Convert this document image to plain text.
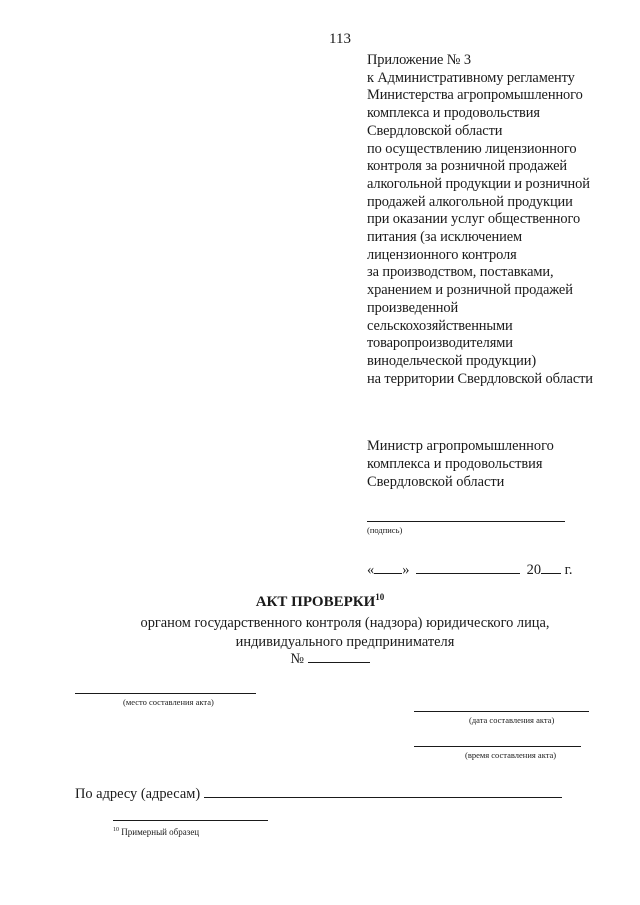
113
Приложение № 3
к Административному регламенту
Министерства агропромышленного
комплекса и продовольствия
Свердловской области
по осуществлению лицензионного
контроля за розничной продажей
алкогольной продукции и розничной
продажей алкогольной продукции
при оказании услуг общественного
питания (за исключением
лицензионного контроля
за производством, поставками,
хранением и розничной продажей
произведенной
сельскохозяйственными
товаропроизводителями
винодельческой продукции)
на территории Свердловской области
Министр агропромышленного
комплекса и продовольствия
Свердловской области
(подпись)
« »	20 г.
АКТ ПРОВЕРКИ$^{10}$
органом государственного контроля (надзора) юридического лица,
индивидуального предпринимателя
№
(место составления акта)
(дата составления акта)
(время составления акта)
По адресу (адресам)
$^{10}$ Примерный образец
